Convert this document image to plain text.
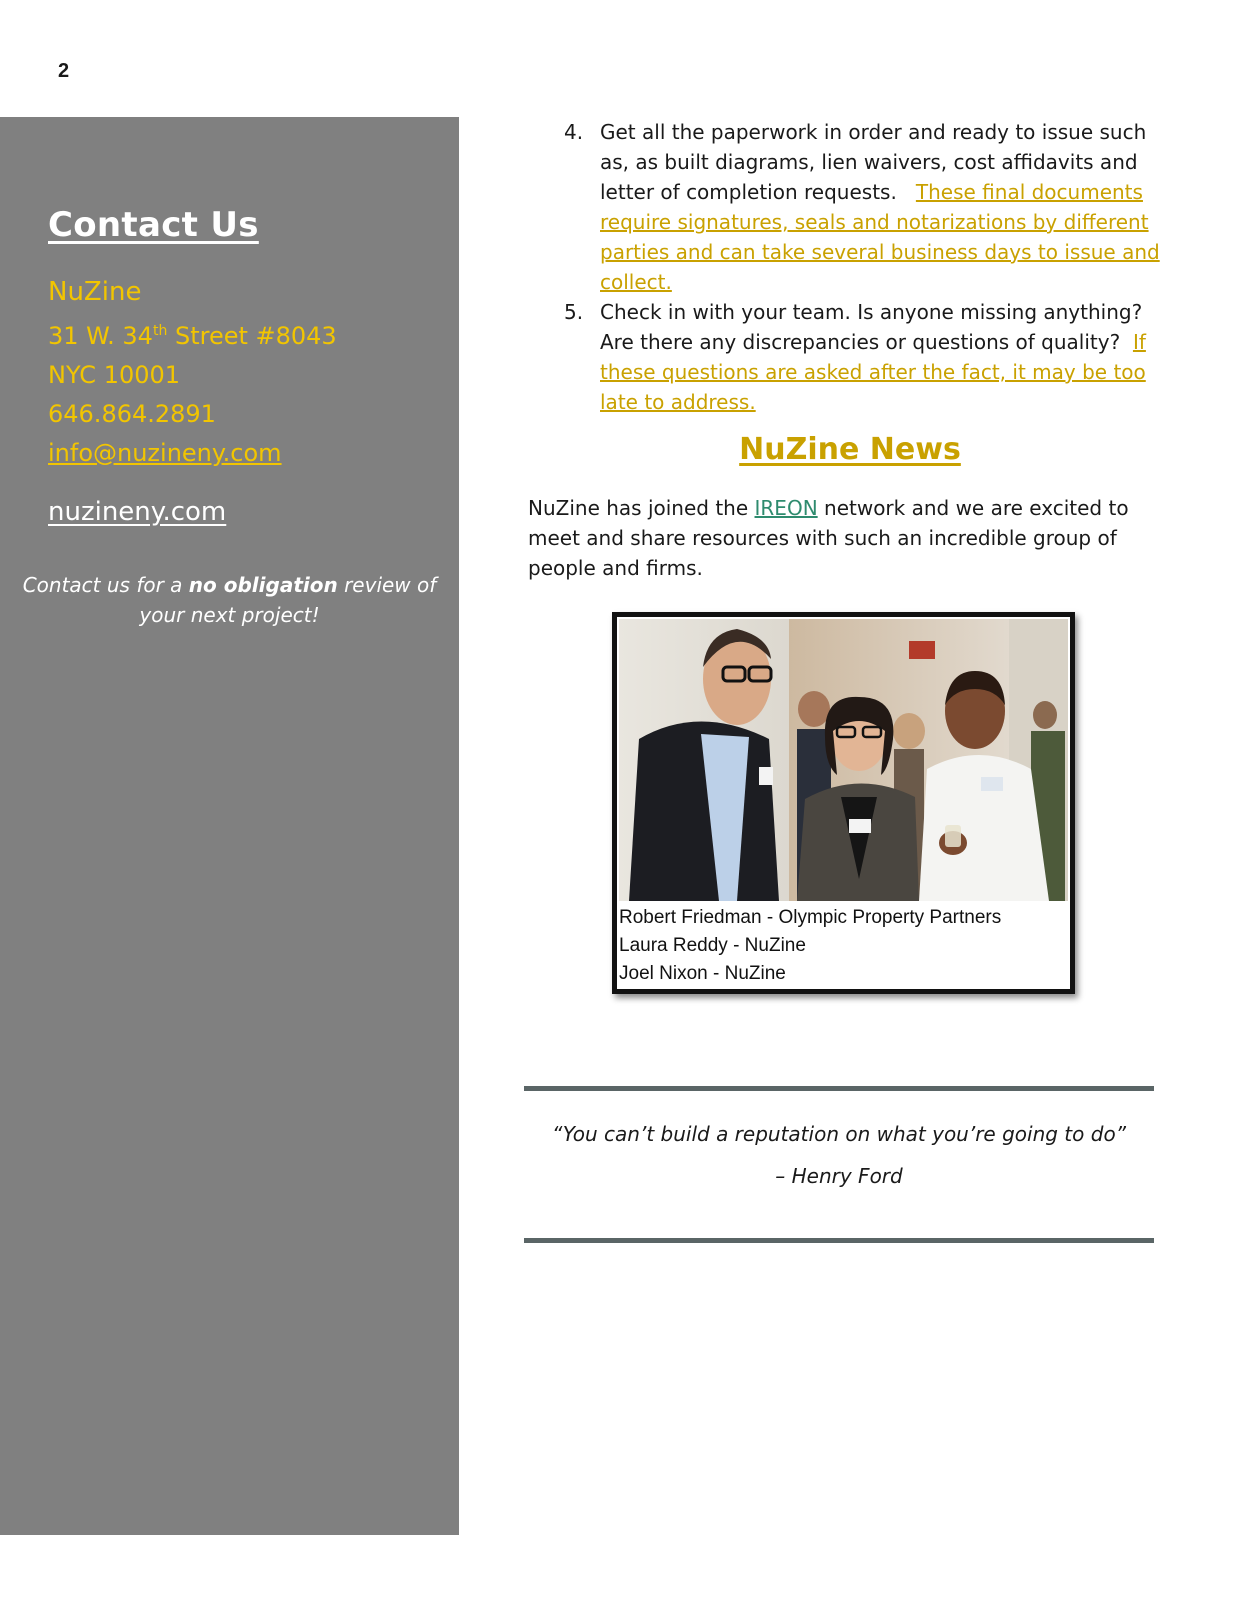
2
Contact Us
NuZine
31 W. 34th Street #8043
NYC 10001
646.864.2891
info@nuzineny.com
nuzineny.com
Contact us for a no obligation review of your next project!
4. Get all the paperwork in order and ready to issue such as, as built diagrams, lien waivers, cost affidavits and letter of completion requests. These final documents require signatures, seals and notarizations by different parties and can take several business days to issue and collect.
5. Check in with your team. Is anyone missing anything? Are there any discrepancies or questions of quality? If these questions are asked after the fact, it may be too late to address.
NuZine News
NuZine has joined the IREON network and we are excited to meet and share resources with such an incredible group of people and firms.
Robert Friedman - Olympic Property Partners
Laura Reddy - NuZine
Joel Nixon - NuZine
“You can’t build a reputation on what you’re going to do”
– Henry Ford
